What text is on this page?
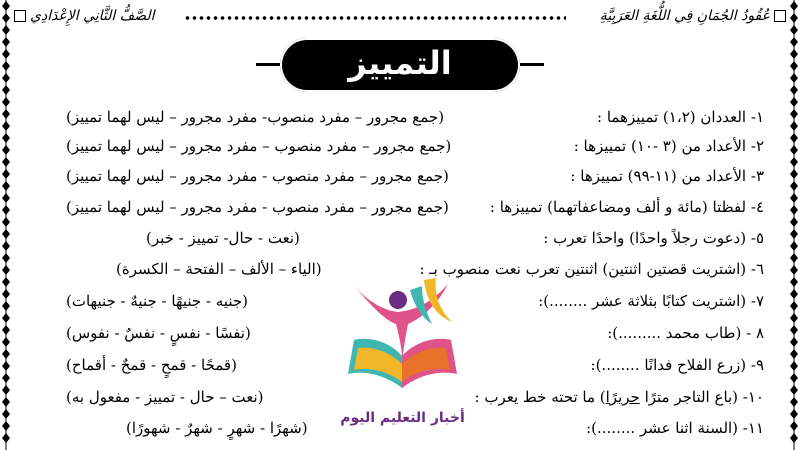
الصَّفُّ الثَّانِي الإِعْدَادِي	عُقُودُ الجُمَانِ فِي اللُّغَةِ العَرَبِيَّةِ
التمييز
١- العددان (١،٢) تمييزهما :
(جمع مجرور – مفرد منصوب- مفرد مجرور – ليس لهما تمييز)
٢- الأعداد من (٣ -١٠) تمييزها :
(جمع مجرور – مفرد منصوب – مفرد مجرور – ليس لهما تمييز)
٣- الأعداد من (١١-٩٩) تمييزها :
(جمع مجرور – مفرد منصوب - مفرد مجرور – ليس لهما تمييز)
٤- لفظتا (مائة و ألف ومضاعفاتهما) تمييزها :
(جمع مجرور – مفرد منصوب - مفرد مجرور – ليس لهما تمييز)
٥- (دعوت رجلاً واحدًا) واحدًا تعرب :
(نعت - حال- تمييز - خبر)
٦- (اشتريت قصتين اثنتين) اثنتين تعرب نعت منصوب بـ :
(الياء – الألف – الفتحة – الكسرة)
٧- (اشتريت كتابًا بثلاثة عشر ........):
(جنيه - جنيهًا - جنيهٌ - جنيهات)
٨ - (طاب محمد .........):
(نفسًا - نفسٍ - نفسٌ - نفوس)
٩- (زرع الفلاح فدانًا ........):
(قمحًا - قمحٍ - قمحٌ - أقماح)
١٠- (باع التاجر مترًا حريرًا) ما تحته خط يعرب :
(نعت – حال - تمييز - مفعول به)
١١- (السنة اثنا عشر ........):
(شهرًا - شهرٍ - شهرٌ - شهورًا)
أخبار التعليم اليوم
